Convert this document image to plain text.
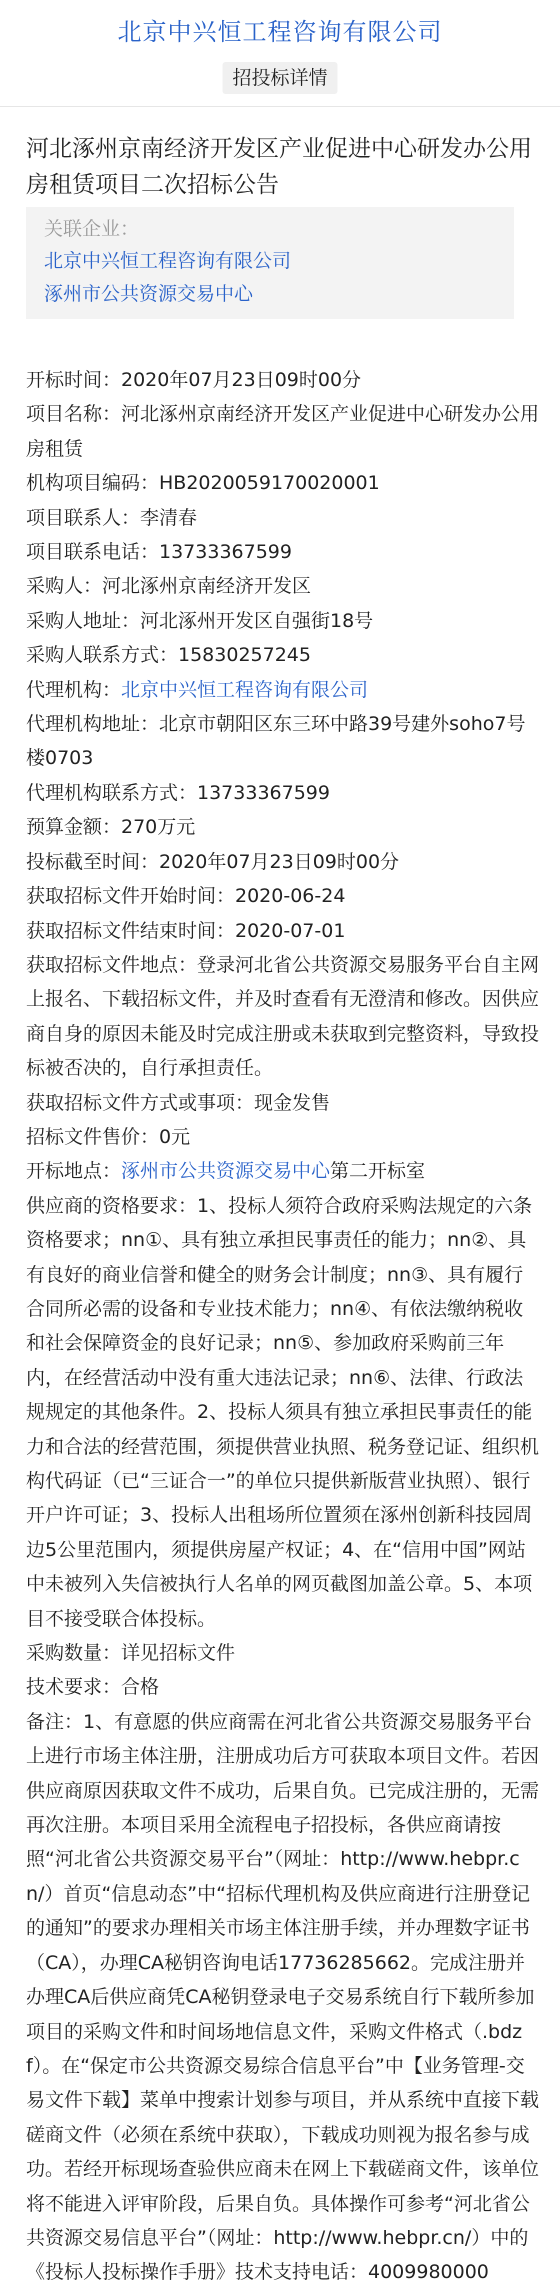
北京中兴恒工程咨询有限公司
招投标详情
河北涿州京南经济开发区产业促进中心研发办公用房租赁项目二次招标公告
关联企业：
北京中兴恒工程咨询有限公司
涿州市公共资源交易中心

开标时间：2020年07月23日09时00分

项目名称：河北涿州京南经济开发区产业促进中心研发办公用房租赁

机构项目编码：HB2020059170020001

项目联系人：李清春

项目联系电话：13733367599

采购人：河北涿州京南经济开发区

采购人地址：河北涿州开发区自强街18号

采购人联系方式：15830257245

代理机构：北京中兴恒工程咨询有限公司

代理机构地址：北京市朝阳区东三环中路39号建外soho7号楼0703

代理机构联系方式：13733367599

预算金额：270万元

投标截至时间：2020年07月23日09时00分

获取招标文件开始时间：2020-06-24

获取招标文件结束时间：2020-07-01

获取招标文件地点：登录河北省公共资源交易服务平台自主网上报名、下载招标文件，并及时查看有无澄清和修改。因供应商自身的原因未能及时完成注册或未获取到完整资料，导致投标被否决的，自行承担责任。

获取招标文件方式或事项：现金发售

招标文件售价：0元

开标地点：涿州市公共资源交易中心第二开标室

供应商的资格要求：1、投标人须符合政府采购法规定的六条资格要求；nn①、具有独立承担民事责任的能力；nn②、具有良好的商业信誉和健全的财务会计制度；nn③、具有履行合同所必需的设备和专业技术能力；nn④、有依法缴纳税收和社会保障资金的良好记录；nn⑤、参加政府采购前三年内，在经营活动中没有重大违法记录；nn⑥、法律、行政法规规定的其他条件。2、投标人须具有独立承担民事责任的能力和合法的经营范围，须提供营业执照、税务登记证、组织机构代码证（已“三证合一”的单位只提供新版营业执照）、银行开户许可证；3、投标人出租场所位置须在涿州创新科技园周边5公里范围内，须提供房屋产权证；4、在“信用中国”网站中未被列入失信被执行人名单的网页截图加盖公章。5、本项目不接受联合体投标。

采购数量：详见招标文件

技术要求：合格

备注：1、有意愿的供应商需在河北省公共资源交易服务平台上进行市场主体注册，注册成功后方可获取本项目文件。若因供应商原因获取文件不成功，后果自负。已完成注册的，无需再次注册。本项目采用全流程电子招投标，各供应商请按照“河北省公共资源交易平台”（网址：http://www.hebpr.cn/）首页“信息动态”中“招标代理机构及供应商进行注册登记的通知”的要求办理相关市场主体注册手续，并办理数字证书（CA），办理CA秘钥咨询电话17736285662。完成注册并办理CA后供应商凭CA秘钥登录电子交易系统自行下载所参加项目的采购文件和时间场地信息文件，采购文件格式（.bdzf）。在“保定市公共资源交易综合信息平台”中【业务管理-交易文件下载】菜单中搜索计划参与项目，并从系统中直接下载磋商文件（必须在系统中获取），下载成功则视为报名参与成功。若经开标现场查验供应商未在网上下载磋商文件，该单位将不能进入评审阶段，后果自负。具体操作可参考“河北省公共资源交易信息平台”（网址：http://www.hebpr.cn/）中的《投标人投标操作手册》技术支持电话：4009980000
